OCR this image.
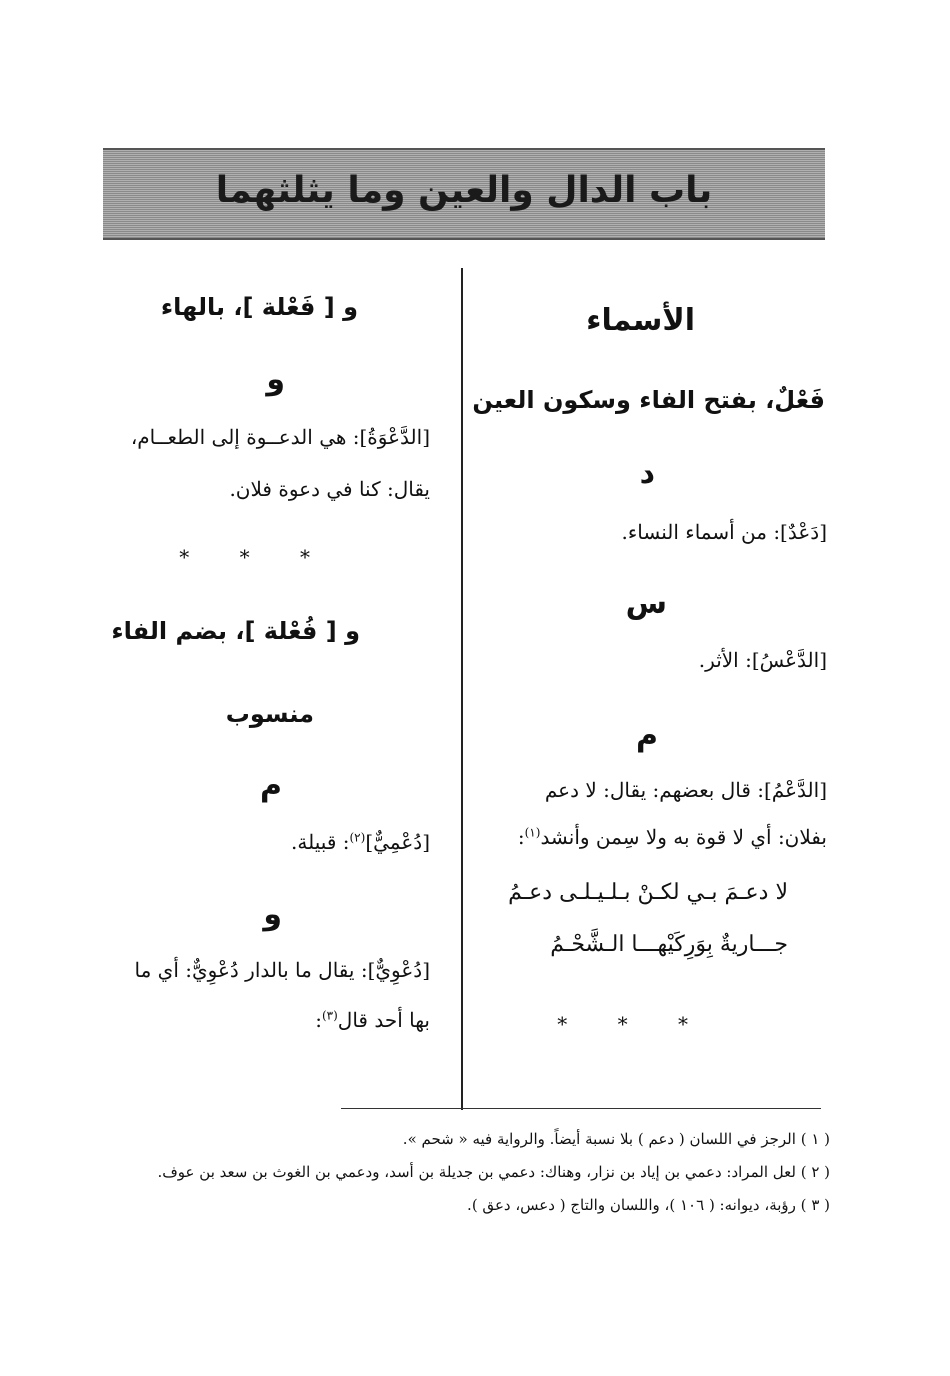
باب الدال والعين وما يثلثهما
الأسماء
فَعْلٌ، بفتح الفاء وسكون العين
د
[دَعْدٌ]: من أسماء النساء.
س
[الدَّعْسُ]: الأثر.
م
[الدَّعْمُ]: قال بعضهم: يقال: لا دعم
بفلان: أي لا قوة به ولا سِمن وأنشد$^{(١)}$:
لا دعـمَ بـي لكـنْ بـلـيـلـى دعـمُ
جـــاريةٌ بِوَرِكَيْهـــا الـشَّحْـمُ
* * *
و [ فَعْلة ]، بالهاء
و
[الدَّعْوَةُ]: هي الدعــوة إلى الطعــام،
يقال: كنا في دعوة فلان.
* * *
و [ فُعْلة ]، بضم الفاء
منسوب
م
[دُعْمِيٌّ]$^{(٢)}$: قبيلة.
و
[دُعْوِيٌّ]: يقال ما بالدار دُعْوِيٌّ: أي ما
بها أحد قال$^{(٣)}$:
( ١ ) الرجز في اللسان ( دعم ) بلا نسبة أيضاً. والرواية فيه « شحم ».
( ٢ ) لعل المراد: دعمي بن إياد بن نزار، وهناك: دعمي بن جديلة بن أسد، ودعمي بن الغوث بن سعد بن عوف.
( ٣ ) رؤبة، ديوانه: ( ١٠٦ )، واللسان والتاج ( دعس، دعق ).
